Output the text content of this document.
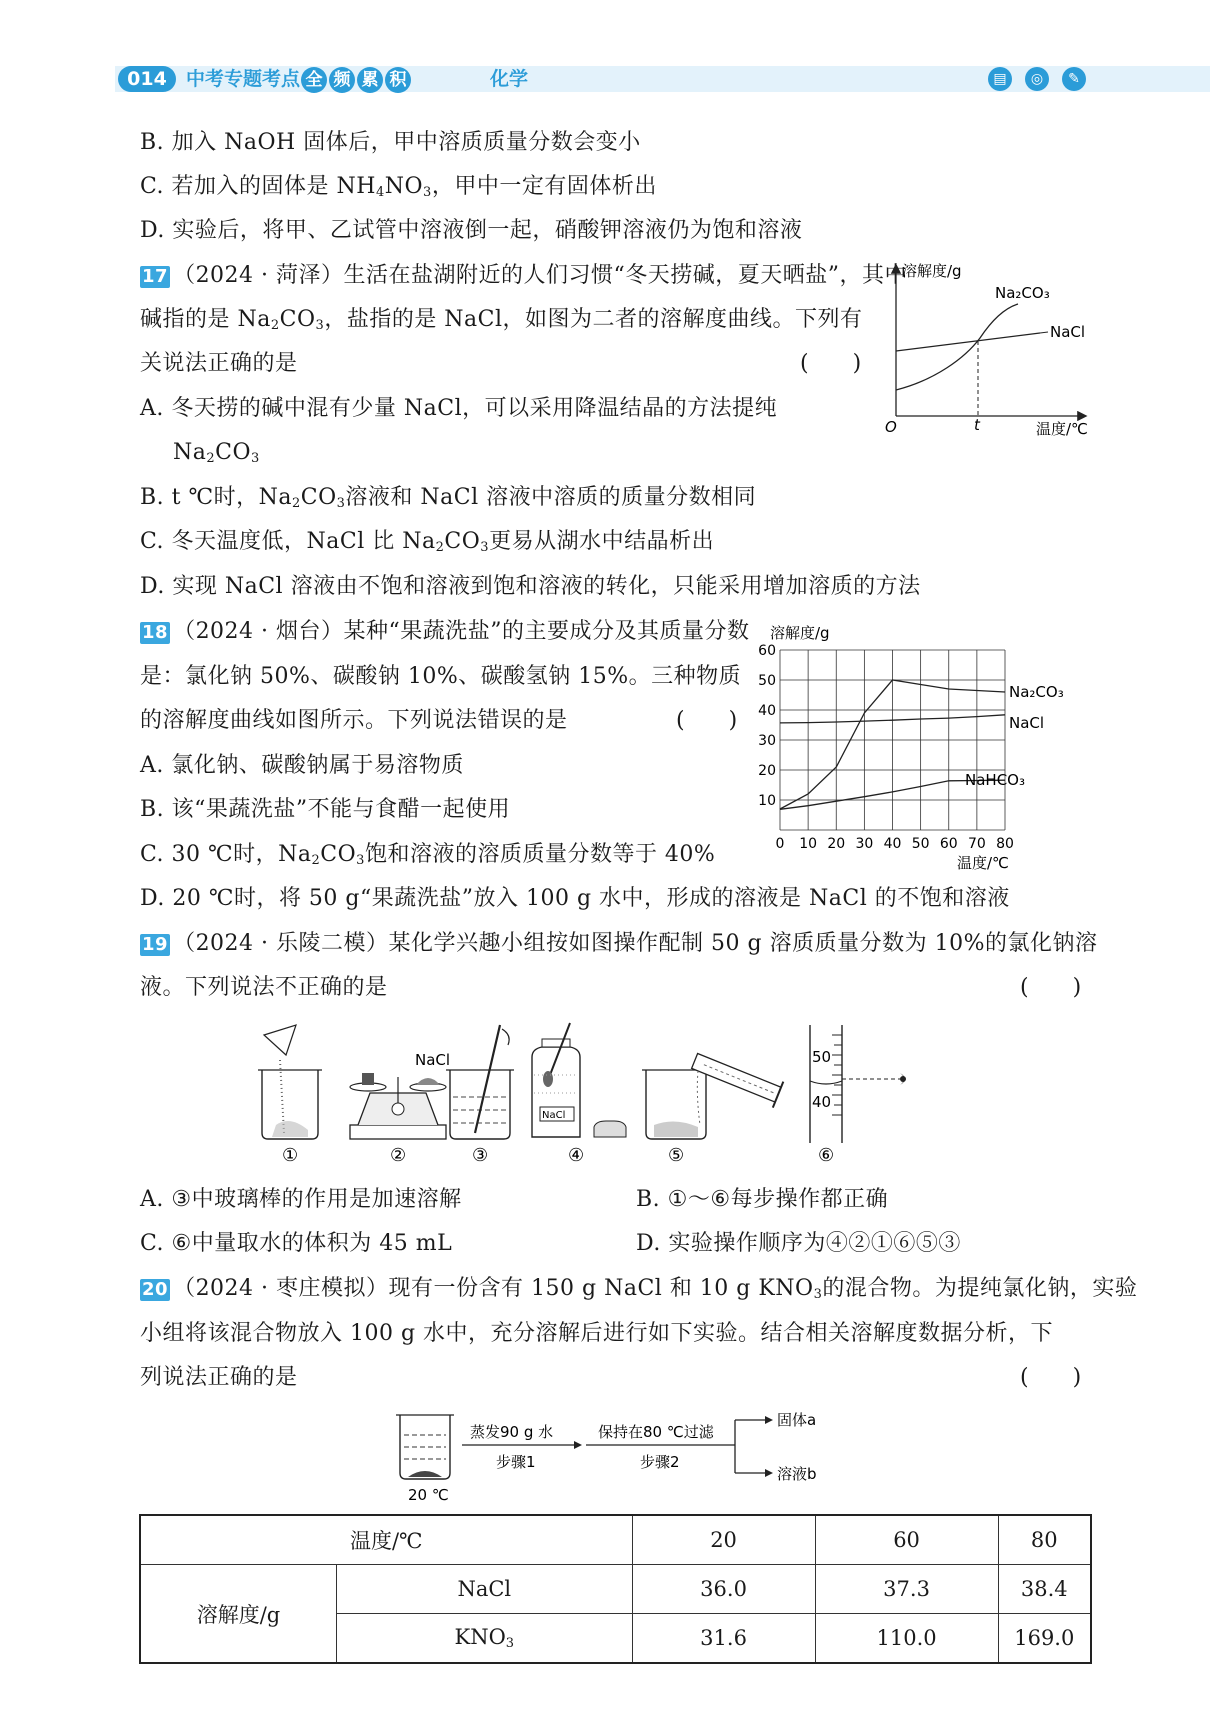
014	中考专题考点 全 频 累 积	化学	▤	◎	✎
B. 加入 NaOH 固体后，甲中溶质质量分数会变小
C. 若加入的固体是 $NH_4NO_3$，甲中一定有固体析出
D. 实验后，将甲、乙试管中溶液倒一起，硝酸钾溶液仍为饱和溶液
17 （2024 · 菏泽）生活在盐湖附近的人们习惯“冬天捞碱，夏天晒盐”，其中
碱指的是 $Na_2CO_3$，盐指的是 NaCl，如图为二者的溶解度曲线。下列有
关说法正确的是	(　　)
A. 冬天捞的碱中混有少量 NaCl，可以采用降温结晶的方法提纯
$Na_2CO_3$
B. t ℃时，$Na_2CO_3$溶液和 NaCl 溶液中溶质的质量分数相同
C. 冬天温度低，NaCl 比 $Na_2CO_3$更易从湖水中结晶析出
D. 实现 NaCl 溶液由不饱和溶液到饱和溶液的转化，只能采用增加溶质的方法
溶解度/g
温度/℃
O	t
Na₂CO₃
NaCl
18 （2024 · 烟台）某种“果蔬洗盐”的主要成分及其质量分数
是：氯化钠 50%、碳酸钠 10%、碳酸氢钠 15%。三种物质
的溶解度曲线如图所示。下列说法错误的是	(　　)
A. 氯化钠、碳酸钠属于易溶物质
B. 该“果蔬洗盐”不能与食醋一起使用
C. 30 ℃时，$Na_2CO_3$饱和溶液的溶质质量分数等于 40%
D. 20 ℃时，将 50 g“果蔬洗盐”放入 100 g 水中，形成的溶液是 NaCl 的不饱和溶液
0 10 20 30 40 50 60 70 80
10
20
30
40
50
60
溶解度/g
温度/℃
Na₂CO₃
NaCl
NaHCO₃
19 （2024 · 乐陵二模）某化学兴趣小组按如图操作配制 50 g 溶质质量分数为 10%的氯化钠溶
液。下列说法不正确的是	(　　)
NaCl
NaCl
50
40
①	②	③	④	⑤	⑥
A. ③中玻璃棒的作用是加速溶解	B. ①～⑥每步操作都正确
C. ⑥中量取水的体积为 45 mL	D. 实验操作顺序为④②①⑥⑤③
20 （2024 · 枣庄模拟）现有一份含有 150 g NaCl 和 10 g $KNO_3$的混合物。为提纯氯化钠，实验
小组将该混合物放入 100 g 水中，充分溶解后进行如下实验。结合相关溶解度数据分析，下
列说法正确的是	(　　)
20 ℃
蒸发90 g 水
步骤1
保持在80 ℃过滤
步骤2
固体a
溶液b
温度/℃		20	60	80
溶解度/g	NaCl	36.0	37.3	38.4
	$KNO_3$	31.6	110.0	169.0
